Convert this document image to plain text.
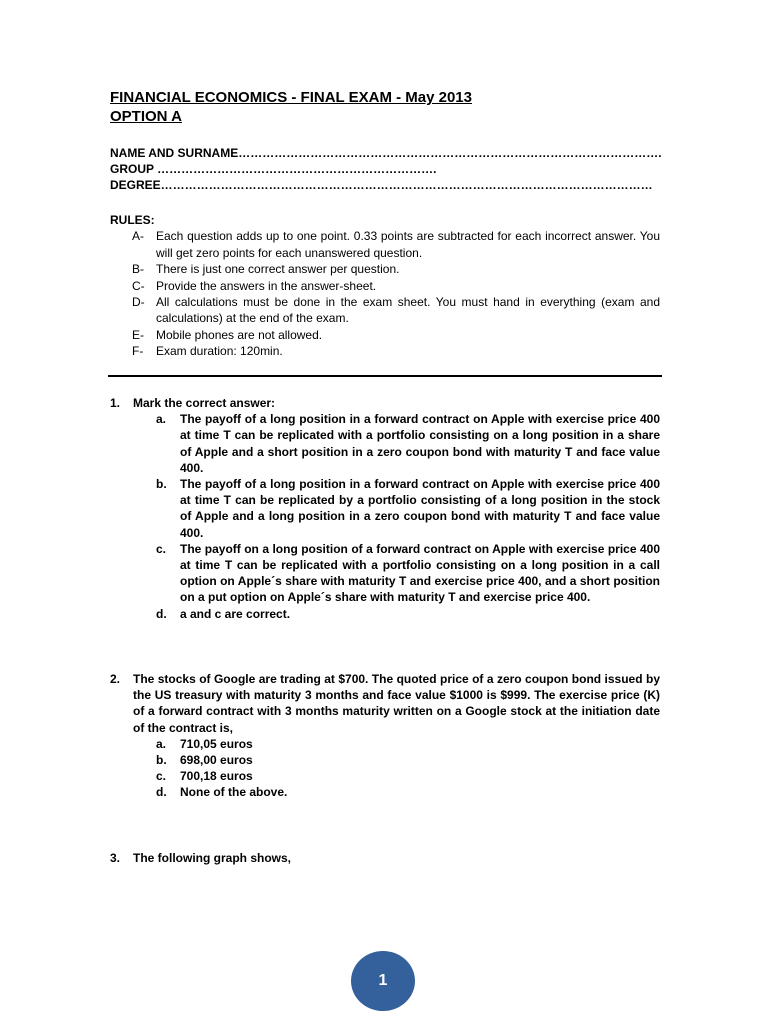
FINANCIAL ECONOMICS - FINAL EXAM - May 2013
OPTION A
NAME AND SURNAME…………………………………………………………………………………………….
GROUP …………………………………………………………….
DEGREE……………………………………………………………………………………………………………
RULES:
A-	Each question adds up to one point. 0.33 points are subtracted for each incorrect answer. You will get zero points for each unanswered question.
B-	There is just one correct answer per question.
C- Provide the answers in the answer-sheet.
D- All calculations must be done in the exam sheet. You must hand in everything (exam and calculations) at the end of the exam.
E-	Mobile phones are not allowed.
F-	Exam duration: 120min.
1.	Mark the correct answer:
a.	The payoff of a long position in a forward contract on Apple with exercise price 400 at time T can be replicated with a portfolio consisting on a long position in a share of Apple and a short position in a zero coupon bond with maturity T and face value 400.
b.	The payoff of a long position in a forward contract on Apple with exercise price 400 at time T can be replicated by a portfolio consisting of a long position in the stock of Apple and a long position in a zero coupon bond with maturity T and face value 400.
c.	The payoff on a long position of a forward contract on Apple with exercise price 400 at time T can be replicated with a portfolio consisting on a long position in a call option on Apple´s share with maturity T and exercise price 400, and a short position on a put option on Apple´s share with maturity T and exercise price 400.
d.	a and c are correct.
2.	The stocks of Google are trading at $700. The quoted price of a zero coupon bond issued by the US treasury with maturity 3 months and face value $1000 is $999. The exercise price (K) of a forward contract with 3 months maturity written on a Google stock at the initiation date of the contract is,
a.	710,05 euros
b.	698,00 euros
c.	700,18 euros
d.	None of the above.
3.	The following graph shows,
1
